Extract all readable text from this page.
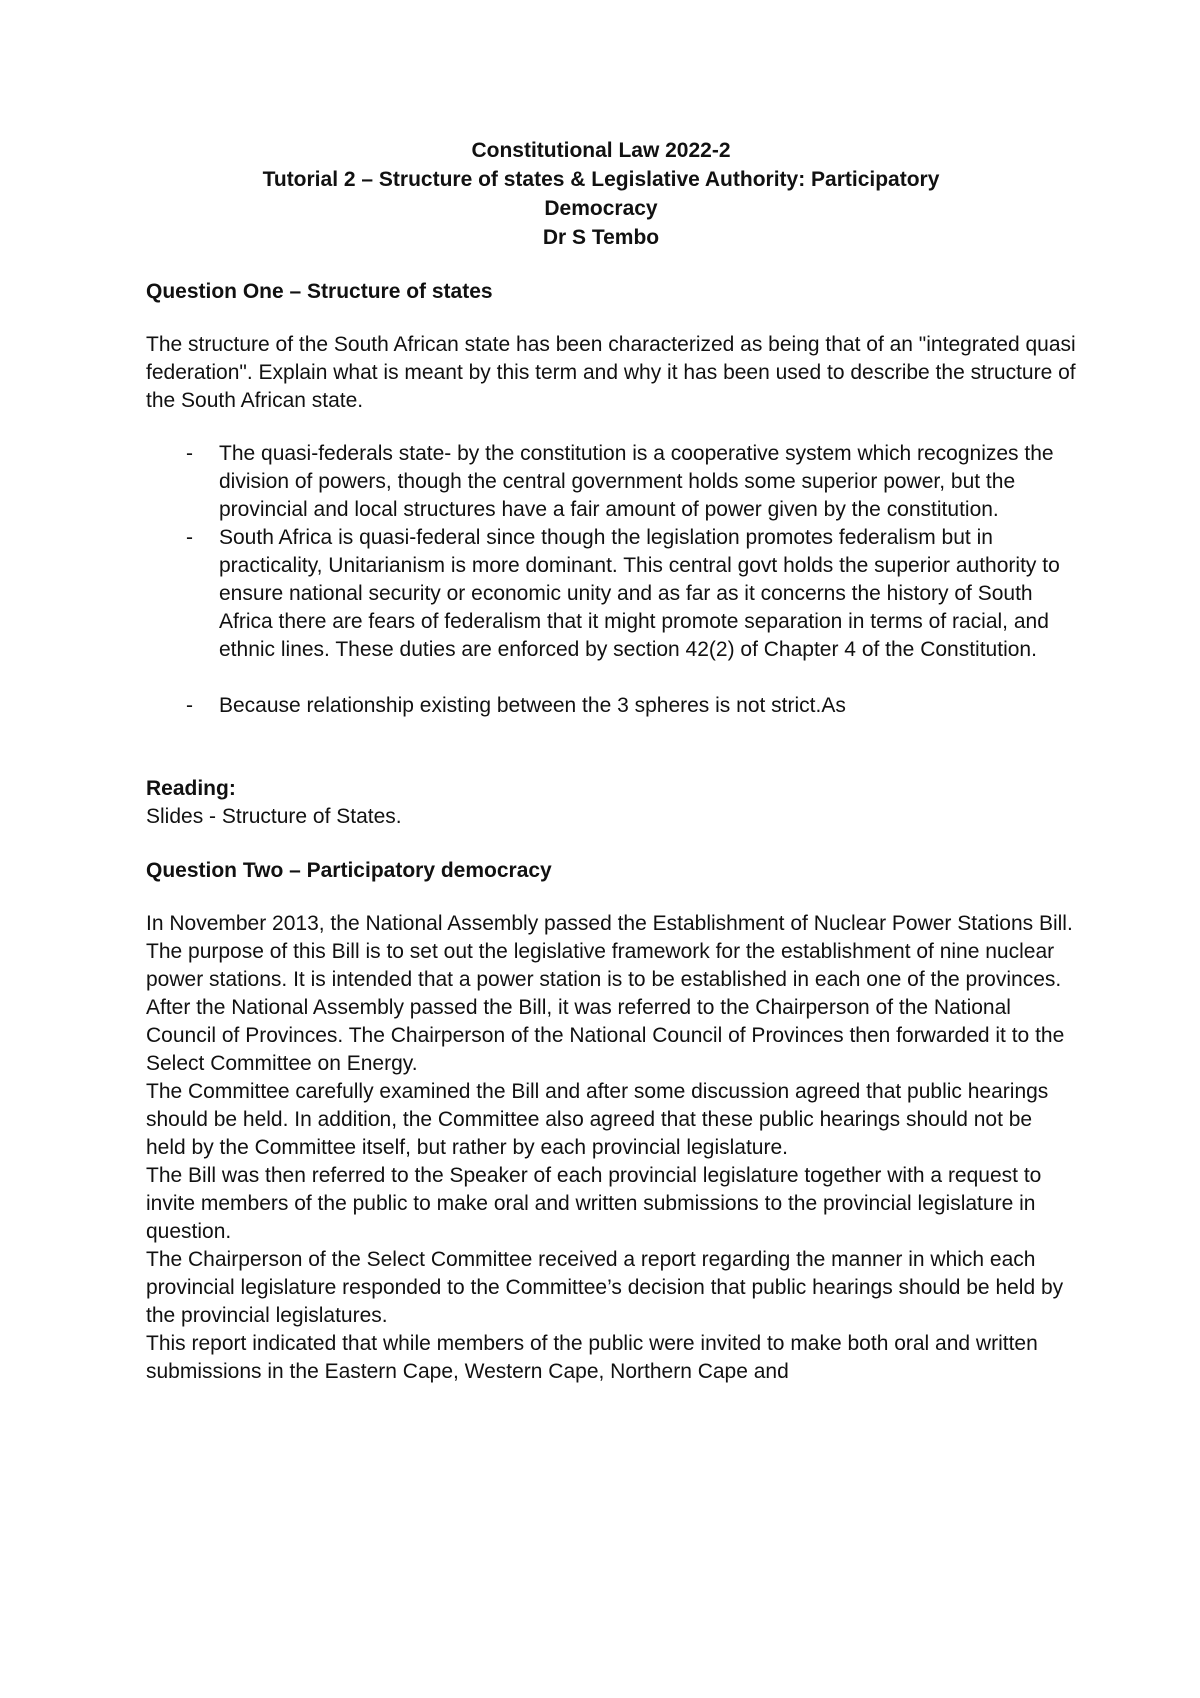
Constitutional Law 2022-2
Tutorial 2 – Structure of states & Legislative Authority: Participatory
Democracy
Dr S Tembo
Question One – Structure of states
The structure of the South African state has been characterized as being that of an "integrated quasi federation". Explain what is meant by this term and why it has been used to describe the structure of the South African state.
- The quasi-federals state- by the constitution is a cooperative system which recognizes the division of powers, though the central government holds some superior power, but the provincial and local structures have a fair amount of power given by the constitution.
- South Africa is quasi-federal since though the legislation promotes federalism but in practicality, Unitarianism is more dominant. This central govt holds the superior authority to ensure national security or economic unity and as far as it concerns the history of South Africa there are fears of federalism that it might promote separation in terms of racial, and ethnic lines. These duties are enforced by section 42(2) of Chapter 4 of the Constitution.
- Because relationship existing between the 3 spheres is not strict.As
Reading:

Slides - Structure of States.

Question Two – Participatory democracy

In November 2013, the National Assembly passed the Establishment of Nuclear Power Stations Bill. The purpose of this Bill is to set out the legislative framework for the establishment of nine nuclear power stations. It is intended that a power station is to be established in each one of the provinces.

After the National Assembly passed the Bill, it was referred to the Chairperson of the National Council of Provinces. The Chairperson of the National Council of Provinces then forwarded it to the Select Committee on Energy.

The Committee carefully examined the Bill and after some discussion agreed that public hearings should be held. In addition, the Committee also agreed that these public hearings should not be held by the Committee itself, but rather by each provincial legislature.

The Bill was then referred to the Speaker of each provincial legislature together with a request to invite members of the public to make oral and written submissions to the provincial legislature in question.

The Chairperson of the Select Committee received a report regarding the manner in which each provincial legislature responded to the Committee’s decision that public hearings should be held by the provincial legislatures.

This report indicated that while members of the public were invited to make both oral and written submissions in the Eastern Cape, Western Cape, Northern Cape and
